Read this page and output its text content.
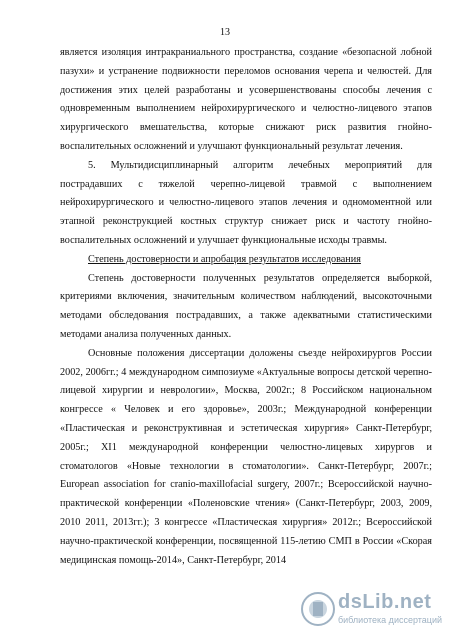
13

является изоляция интракраниального пространства, создание «безопасной лобной пазухи» и устранение подвижности переломов основания черепа и челюстей. Для достижения этих целей разработаны и усовершенствованы способы лечения с одновременным выполнением нейрохирургического и челюстно-лицевого этапов хирургического вмешательства, которые снижают риск развития гнойно-воспалительных осложнений и улучшают функциональный результат лечения.

5. Мультидисциплинарный алгоритм лечебных мероприятий для пострадавших с тяжелой черепно-лицевой травмой с выполнением нейрохирургического и челюстно-лицевого этапов лечения и одномоментной или этапной реконструкцией костных структур снижает риск и частоту гнойно-воспалительных осложнений и улучшает функциональные исходы травмы.

Степень достоверности и апробация результатов исследования

Степень достоверности полученных результатов определяется выборкой, критериями включения, значительным количеством наблюдений, высокоточными методами обследования пострадавших, а также адекватными статистическими методами анализа полученных данных.

Основные положения диссертации доложены съезде нейрохирургов России 2002, 2006гг.; 4 международном симпозиуме «Актуальные вопросы детской черепно-лицевой хирургии и неврологии», Москва, 2002г.; 8 Российском национальном конгрессе « Человек и его здоровье», 2003г.; Международной конференции «Пластическая и реконструктивная и эстетическая хирургия» Санкт-Петербург, 2005г.; XI1 международной конференции челюстно-лицевых хирургов и стоматологов «Новые технологии в стоматологии». Санкт-Петербург, 2007г.; European association for cranio-maxillofacial surgery, 2007г.; Всероссийской научно-практической конференции «Поленовские чтения» (Санкт-Петербург, 2003, 2009, 2010 2011, 2013гг.); 3 конгрессе «Пластическая хирургия» 2012г.; Всероссийской научно-практической конференции, посвященной 115-летию СМП в России «Скорая медицинская помощь-2014», Санкт-Петербург, 2014

dsLib.net
библиотека диссертаций
